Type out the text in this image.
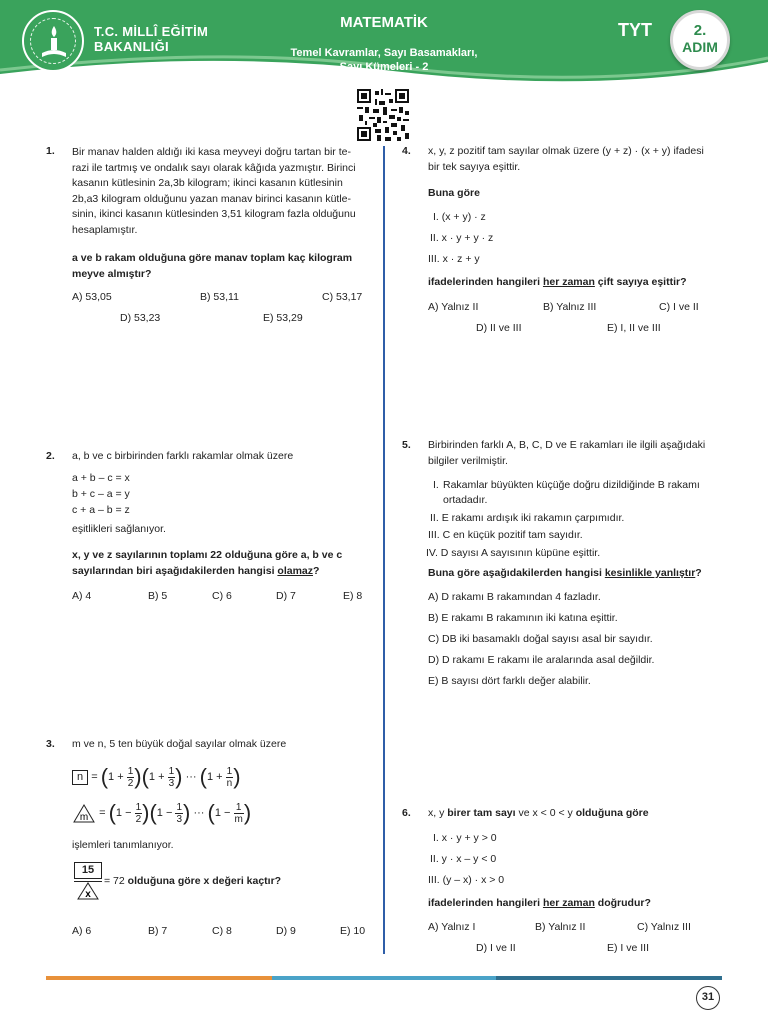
T.C. MİLLÎ EĞİTİM
BAKANLIĞI
MATEMATİK
Temel Kavramlar, Sayı Basamakları,
Sayı Kümeleri - 2
TYT	2.
ADIM
1. Bir manav halden aldığı iki kasa meyveyi doğru tartan bir te-
razi ile tartmış ve ondalık sayı olarak kâğıda yazmıştır. Birinci
kasanın kütlesinin 2a,3b kilogram; ikinci kasanın kütlesinin
2b,a3 kilogram olduğunu yazan manav birinci kasanın kütle-
sinin, ikinci kasanın kütlesinden 3,51 kilogram fazla olduğunu
hesaplamıştır.
a ve b rakam olduğuna göre manav toplam kaç kilogram
meyve almıştır?
A) 53,05	B) 53,11	C) 53,17
D) 53,23	E) 53,29
2. a, b ve c birbirinden farklı rakamlar olmak üzere
a + b – c = x
b + c – a = y
c + a – b = z
eşitlikleri sağlanıyor.
x, y ve z sayılarının toplamı 22 olduğuna göre a, b ve c
sayılarından biri aşağıdakilerden hangisi olamaz?
A) 4	B) 5	C) 6	D) 7	E) 8
3. m ve n, 5 ten büyük doğal sayılar olmak üzere
$n = (1 + \frac{1}{2} )(1 + \frac{1}{3}$ ) ··· ($1 + \frac{1}{n}$ )
$m = (1 - \frac{1}{2} )(1 - \frac{1}{3}$ ) ··· ($1 - \frac{1}{m}$ )
işlemleri tanımlanıyor.
$\frac{15}{x} = 72$ olduğuna göre x değeri kaçtır?
A) 6	B) 7	C) 8	D) 9	E) 10
4. x, y, z pozitif tam sayılar olmak üzere (y + z) · (x + y) ifadesi
bir tek sayıya eşittir.
Buna göre
I. (x + y) · z
II. x · y + y · z
III. x · z + y
ifadelerinden hangileri her zaman çift sayıya eşittir?
A) Yalnız II	B) Yalnız III	C) I ve II
D) II ve III	E) I, II ve III
5. Birbirinden farklı A, B, C, D ve E rakamları ile ilgili aşağıdaki
bilgiler verilmiştir.
I. Rakamlar büyükten küçüğe doğru dizildiğinde B rakamı
ortadadır.
II. E rakamı ardışık iki rakamın çarpımıdır.
III. C en küçük pozitif tam sayıdır.
IV. D sayısı A sayısının küpüne eşittir.
Buna göre aşağıdakilerden hangisi kesinlikle yanlıştır?
A) D rakamı B rakamından 4 fazladır.
B) E rakamı B rakamının iki katına eşittir.
C) DB iki basamaklı doğal sayısı asal bir sayıdır.
D) D rakamı E rakamı ile aralarında asal değildir.
E) B sayısı dört farklı değer alabilir.
6. x, y birer tam sayı ve x < 0 < y olduğuna göre
I. x · y + y > 0
II. y · x – y < 0
III. (y – x) · x > 0
ifadelerinden hangileri her zaman doğrudur?
A) Yalnız I	B) Yalnız II	C) Yalnız III
D) I ve II	E) I ve III
31
